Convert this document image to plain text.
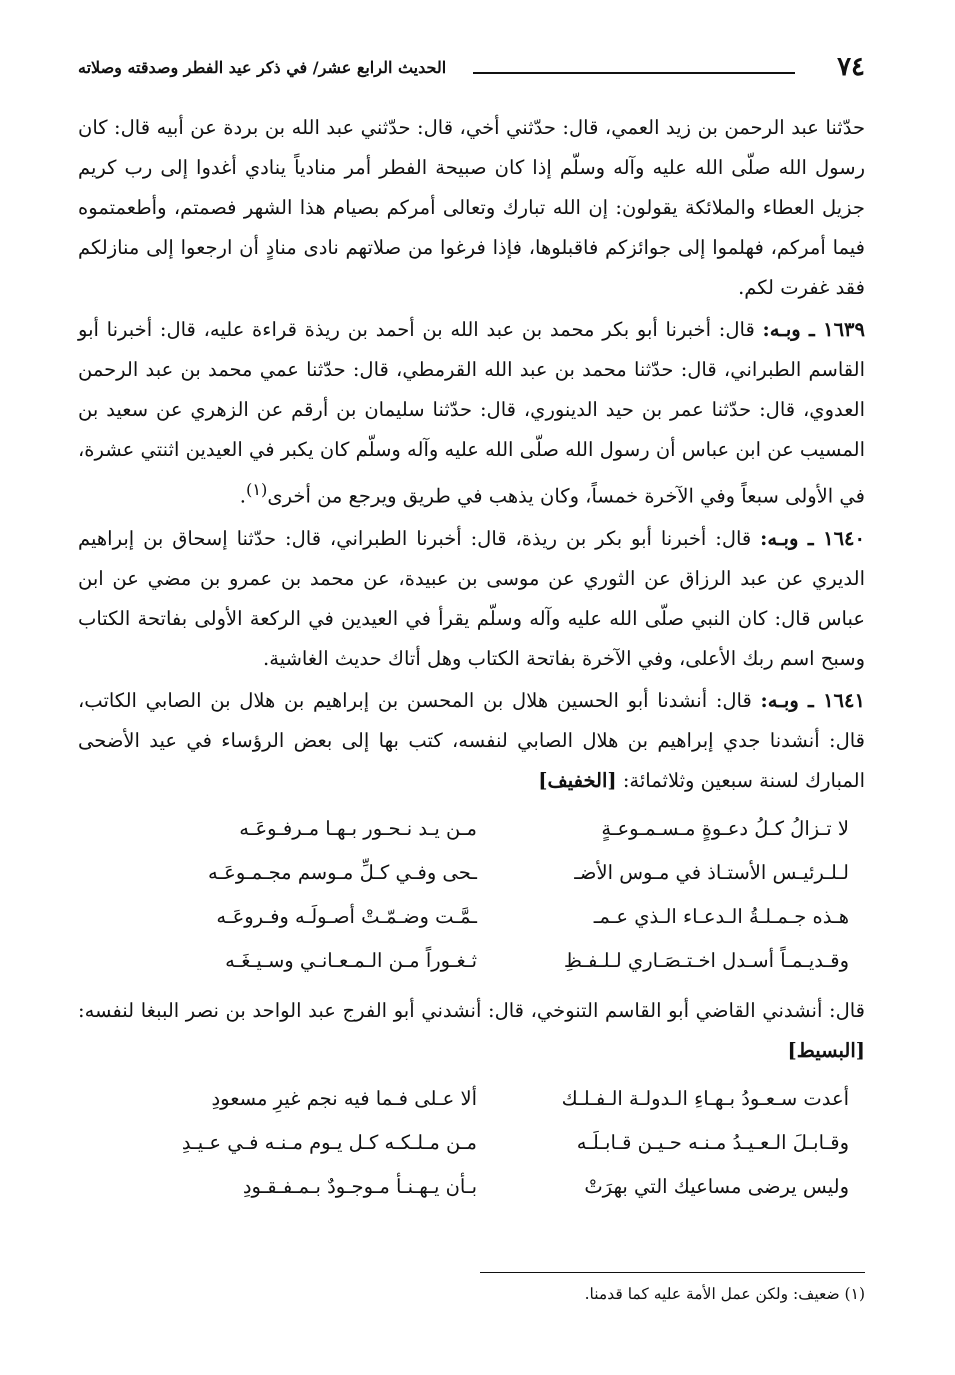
٧٤
الحديث الرابع عشر/ في ذكر عيد الفطر وصدقته وصلاته

حدّثنا عبد الرحمن بن زيد العمي، قال: حدّثني أخي، قال: حدّثني عبد الله بن بردة عن أبيه قال: كان رسول الله صلّى الله عليه وآله وسلّم إذا كان صبيحة الفطر أمر منادياً ينادي أغدوا إلى رب كريم جزيل العطاء والملائكة يقولون: إن الله تبارك وتعالى أمركم بصيام هذا الشهر فصمتم، وأطعمتموه فيما أمركم، فهلموا إلى جوائزكم فاقبلوها، فإذا فرغوا من صلاتهم نادى منادٍ أن ارجعوا إلى منازلكم فقد غفرت لكم.

١٦٣٩ ـ وبـه: قال: أخبرنا أبو بكر محمد بن عبد الله بن أحمد بن ريذة قراءة عليه، قال: أخبرنا أبو القاسم الطبراني، قال: حدّثنا محمد بن عبد الله القرمطي، قال: حدّثنا عمي محمد بن عبد الرحمن العدوي، قال: حدّثنا عمر بن حيد الدينوري، قال: حدّثنا سليمان بن أرقم عن الزهري عن سعيد بن المسيب عن ابن عباس أن رسول الله صلّى الله عليه وآله وسلّم كان يكبر في العيدين اثنتي عشرة، في الأولى سبعاً وفي الآخرة خمساً، وكان يذهب في طريق ويرجع من أخرى$^{(١)}$.

١٦٤٠ ـ وبـه: قال: أخبرنا أبو بكر بن ريذة، قال: أخبرنا الطبراني، قال: حدّثنا إسحاق بن إبراهيم الديري عن عبد الرزاق عن الثوري عن موسى بن عبيدة، عن محمد بن عمرو بن مضي عن ابن عباس قال: كان النبي صلّى الله عليه وآله وسلّم يقرأ في العيدين في الركعة الأولى بفاتحة الكتاب وسبح اسم ربك الأعلى، وفي الآخرة بفاتحة الكتاب وهل أتاك حديث الغاشية.

١٦٤١ ـ وبـه: قال: أنشدنا أبو الحسين هلال بن المحسن بن إبراهيم بن هلال بن الصابي الكاتب، قال: أنشدنا جدي إبراهيم بن هلال الصابي لنفسه، كتب بها إلى بعض الرؤساء في عيد الأضحى المبارك لسنة سبعين وثلاثمائة: [الخفيف]

لا تـزالُ كـلُ دعـوةٍ مـسـمـوعـةٍ
مـن يـد نـحـور بـهـا مـرفـوعَـه
لـلـرئيـس الأستـاذ في مـوس الأضـ
ـحى وفـي كـلِّ مـوسم مجـمـوعَـه
هـذه جـمـلـةُ الـدعـاء الـذي عـمـ
ـمَّـت وضـمّـتْ أصـولَـه وفـروعَـه
وقـديـمـاً أسـدل اخـتـصَـاري لـلـفـظِ
ثـغـوراً مـن الـمـعـانـي وسـيـغَـه

قال: أنشدني القاضي أبو القاسم التنوخي، قال: أنشدني أبو الفرج عبد الواحد بن نصر الببغا لنفسه: [البسيط]

أعدت سـعـودُ بـهـاءِ الـدولـة الـفـلـك
ألا عـلى فـما فيه نجم غيرِ مسعودِ
وقـابـلَ الـعـيـدُ مـنـه حـيـن قـابـلَـه
مـن مـلـكـه كـل يـوم مـنـه فـي عـيـدِ
وليس يرضى مساعيك التي بهرَتْ
بـأن يـهـنـأ مـوجـودٌ بـمـفـقـودِ
(١) ضعيف: ولكن عمل الأمة عليه كما قدمنا.
